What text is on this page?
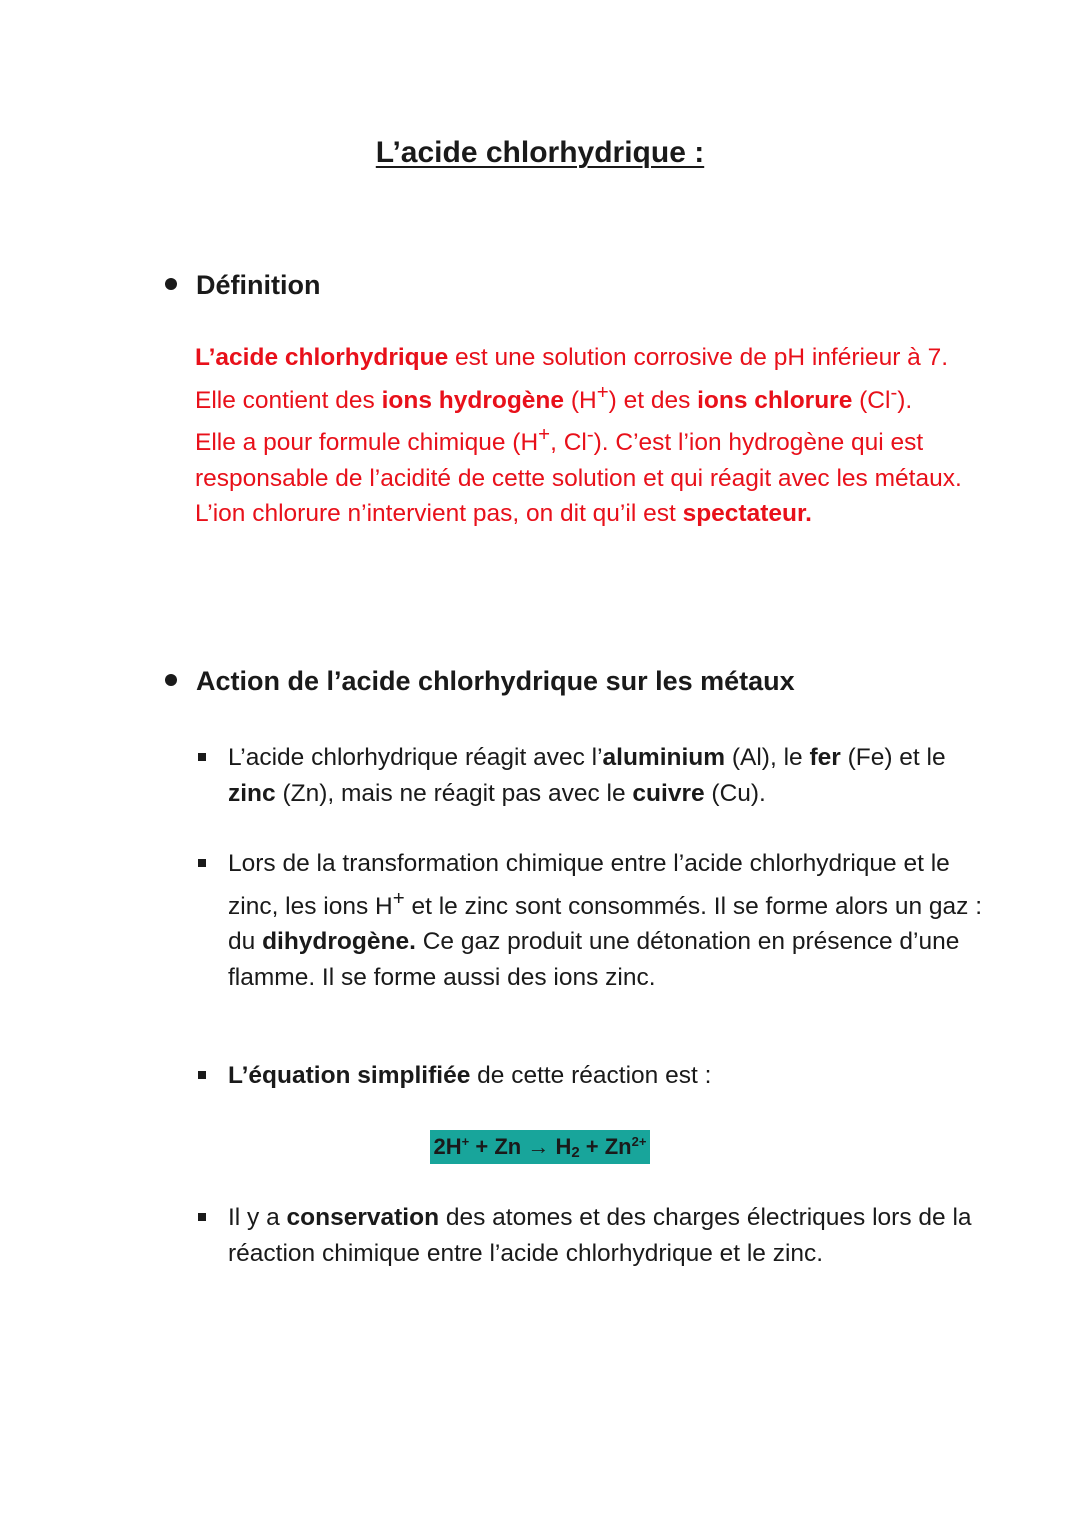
L’acide chlorhydrique :
Définition

L’acide chlorhydrique est une solution corrosive de pH inférieur à 7.

Elle contient des ions hydrogène (H+) et des ions chlorure (Cl-).

Elle a pour formule chimique (H+, Cl-). C’est l’ion hydrogène qui est responsable de l’acidité de cette solution et qui réagit avec les métaux. L’ion chlorure n’intervient pas, on dit qu’il est spectateur.

Action de l’acide chlorhydrique sur les métaux
L’acide chlorhydrique réagit avec l’aluminium (Al), le fer (Fe) et le zinc (Zn), mais ne réagit pas avec le cuivre (Cu).
Lors de la transformation chimique entre l’acide chlorhydrique et le zinc, les ions H+ et le zinc sont consommés. Il se forme alors un gaz : du dihydrogène. Ce gaz produit une détonation en présence d’une flamme. Il se forme aussi des ions zinc.
L’équation simplifiée de cette réaction est :
Il y a conservation des atomes et des charges électriques lors de la réaction chimique entre l’acide chlorhydrique et le zinc.
$2H^+ + Zn \to H_2 + Zn^{2+}$
